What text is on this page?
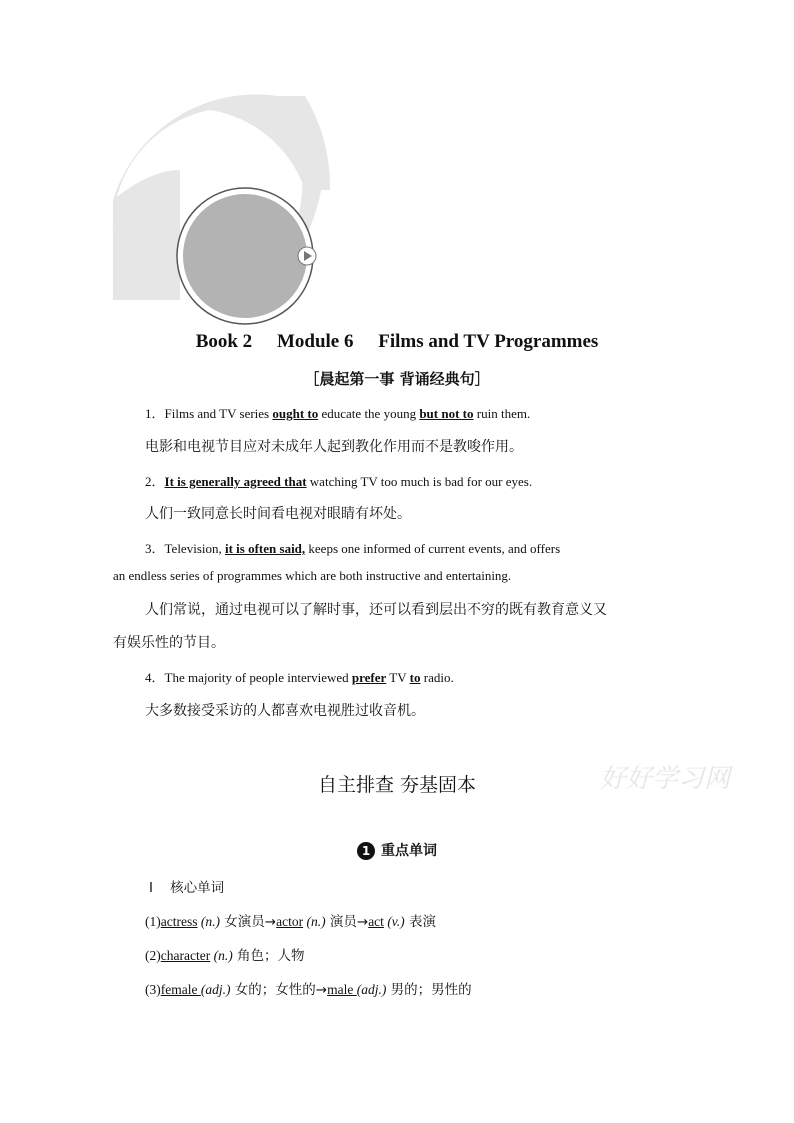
Book 2 Module 6 Films and TV Programmes
［晨起第一事 背诵经典句］
1．Films and TV series ought to educate the young but not to ruin them.
电影和电视节目应对未成年人起到教化作用而不是教唆作用。
2．It is generally agreed that watching TV too much is bad for our eyes.
人们一致同意长时间看电视对眼睛有坏处。
3．Television, it is often said, keeps one informed of current events, and offers
an endless series of programmes which are both instructive and entertaining.
人们常说，通过电视可以了解时事，还可以看到层出不穷的既有教育意义又
有娱乐性的节目。
4．The majority of people interviewed prefer TV to radio.
大多数接受采访的人都喜欢电视胜过收音机。
自主排查 夯基固本	好好学习网
1 重点单词
Ⅰ 核心单词
(1)actress (n.) 女演员→actor (n.) 演员→act (v.) 表演
(2)character (n.) 角色；人物
(3)female (adj.) 女的；女性的→male (adj.) 男的；男性的
